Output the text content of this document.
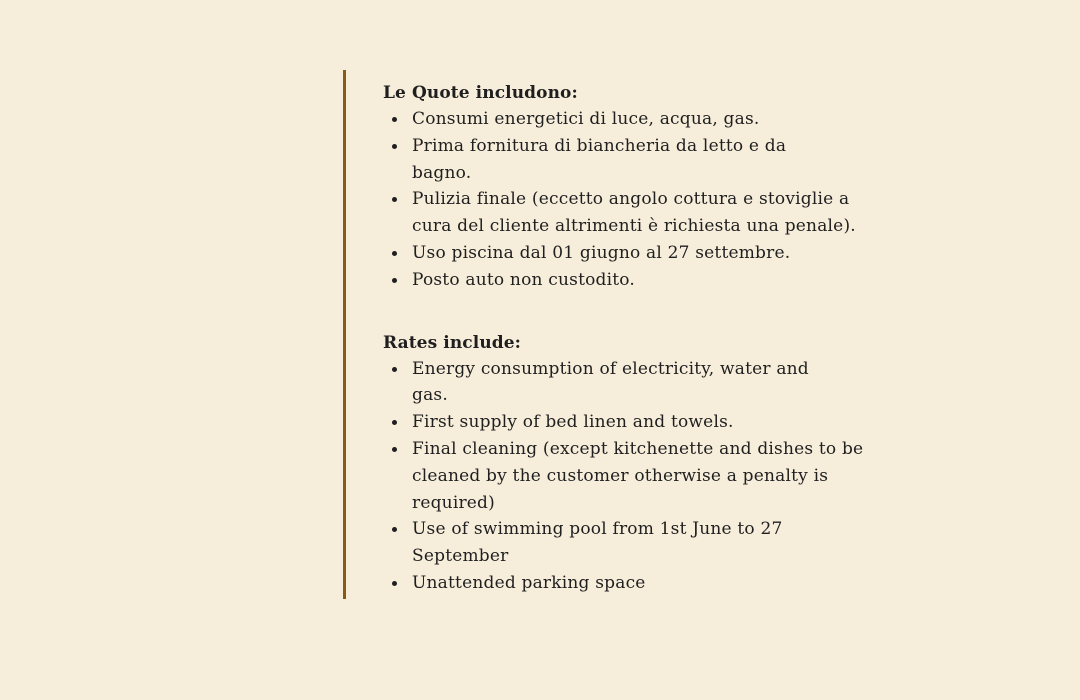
Le Quote includono:
Consumi energetici di luce, acqua, gas.
Prima fornitura di biancheria da letto e da bagno.
Pulizia finale (eccetto angolo cottura e stoviglie a cura del cliente altrimenti è richiesta una penale).
Uso piscina dal 01 giugno al 27 settembre.
Posto auto non custodito.
Rates include:
Energy consumption of electricity, water and gas.
First supply of bed linen and towels.
Final cleaning (except kitchenette and dishes to be cleaned by the customer otherwise a penalty is required)
Use of swimming pool from 1st June to 27 September
Unattended parking space
